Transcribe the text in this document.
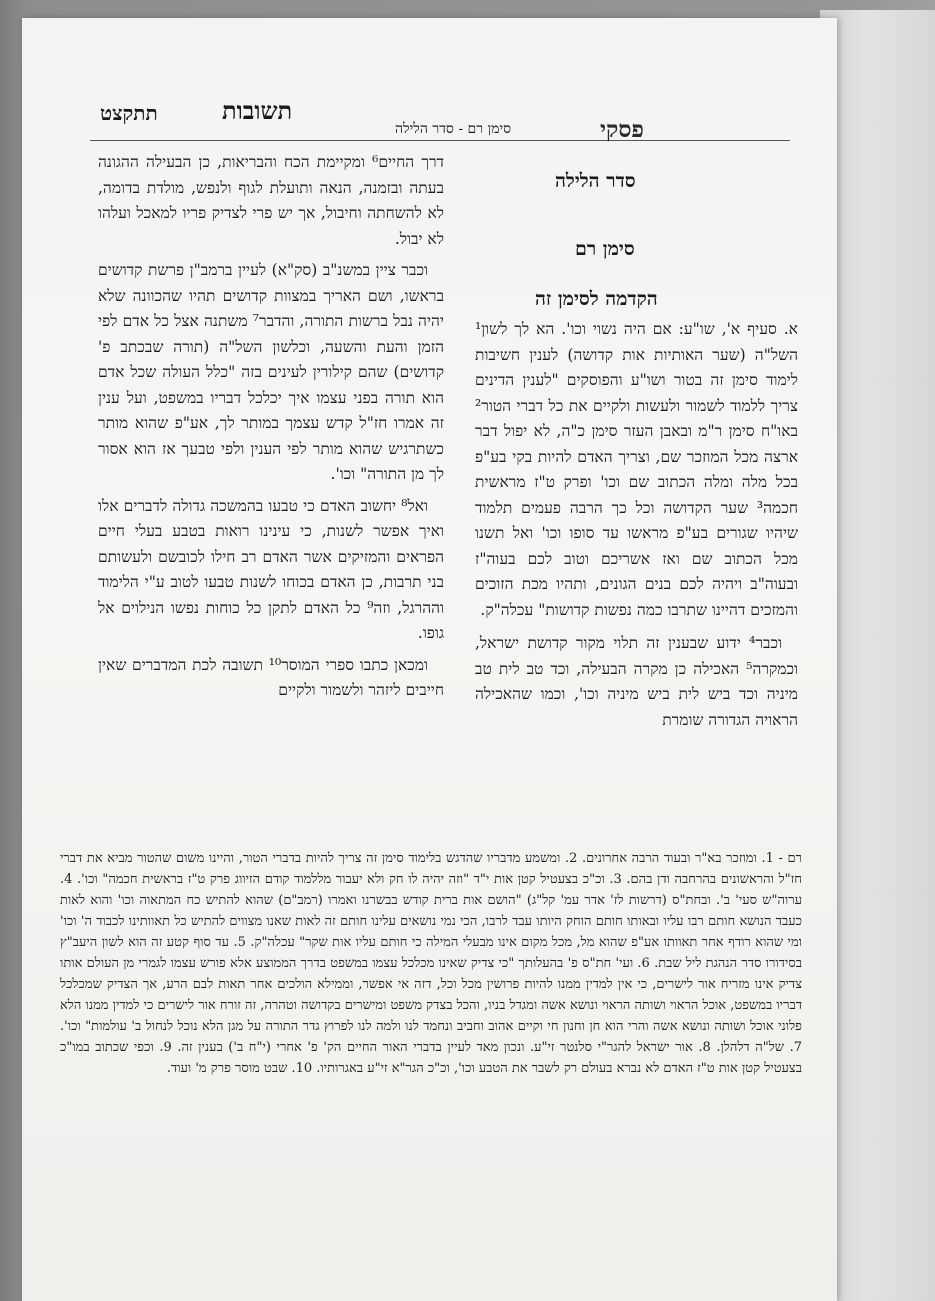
תתקצט	תשובות
סימן רם - סדר הלילה	פסקי
סדר הלילה
סימן רם
הקדמה לסימן זה

א. סעיף א', שו"ע: אם היה נשוי וכו'. הא לך לשון¹ השל"ה (שער האותיות אות קדושה) לענין חשיבות לימוד סימן זה בטור ושו"ע והפוסקים "לענין הדינים צריך ללמוד לשמור ולעשות ולקיים את כל דברי הטור² באו"ח סימן ר"מ ובאבן העזר סימן כ"ה, לא יפול דבר ארצה מכל המוזכר שם, וצריך האדם להיות בקי בע"פ בכל מלה ומלה הכתוב שם וכו' ופרק ט"ז מראשית חכמה³ שער הקדושה וכל כך הרבה פעמים תלמוד שיהיו שגורים בע"פ מראשו עד סופו וכו' ואל תשנו מכל הכתוב שם ואז אשריכם וטוב לכם בעוה"ז ובעוה"ב ויהיה לכם בנים הגונים, ותהיו מכת הזוכים והמזכים דהיינו שתרבו כמה נפשות קדושות" עכלה"ק.

וכבר⁴ ידוע שבענין זה תלוי מקור קדושת ישראל, וכמקרה⁵ האכילה כן מקרה הבעילה, וכד טב לית טב מיניה וכד ביש לית ביש מיניה וכו', וכמו שהאכילה הראויה הגדורה שומרת

דרך החיים⁶ ומקיימת הכח והבריאות, כן הבעילה ההגונה בעתה ובזמנה, הנאה ותועלת לגוף ולנפש, מולדת בדומה, לא להשחתה וחיבול, אך יש פרי לצדיק פריו למאכל ועלהו לא יבול.

וכבר ציין במשנ"ב (סק"א) לעיין ברמב"ן פרשת קדושים בראשו, ושם האריך במצוות קדושים תהיו שהכוונה שלא יהיה נבל ברשות התורה, והדבר⁷ משתנה אצל כל אדם לפי הזמן והעת והשעה, וכלשון השל"ה (תורה שבכתב פ' קדושים) שהם קילורין לעינים בזה "כלל העולה שכל אדם הוא תורה בפני עצמו איך יכלכל דבריו במשפט, ועל ענין זה אמרו חז"ל קדש עצמך במותר לך, אע"פ שהוא מותר כשתרגיש שהוא מותר לפי הענין ולפי טבעך אז הוא אסור לך מן התורה" וכו'.

ואל⁸ יחשוב האדם כי טבעו בהמשכה גדולה לדברים אלו ואיך אפשר לשנות, כי עינינו רואות בטבע בעלי חיים הפראים והמזיקים אשר האדם רב חילו לכובשם ולעשותם בני תרבות, כן האדם בכוחו לשנות טבעו לטוב ע"י הלימוד וההרגל, וזה⁹ כל האדם לתקן כל כוחות נפשו הנילוים אל גופו.

ומכאן כתבו ספרי המוסר¹⁰ תשובה לכת המדברים שאין חייבים ליזהר ולשמור ולקיים

רם - 1. ומוזכר בא"ר ובעוד הרבה אחרונים. 2. ומשמע מדבריו שהדגש בלימוד סימן זה צריך להיות בדברי הטור, והיינו משום שהטור מביא את דברי חז"ל והראשונים בהרחבה ודן בהם. 3. וכ"כ בצעטיל קטן אות י"ד "וזה יהיה לו חק ולא יעבור מללמוד קודם הזיווג פרק ט"ז בראשית חכמה" וכו'. 4. ערוה"ש סעי' ב'. ובחת"ס (דרשות לז' אדר עמ' קל"ג) "הושם אות ברית קודש בבשרנו ואמרו (רמב"ם) שהוא להתיש כח המתאוה וכו' והוא לאות כעבד הנושא חותם רבו עליו ובאותו חותם הוחק היותו עבד לרבו, הכי נמי נושאים עלינו חותם זה לאות שאנו מצווים להתיש כל תאוותינו לכבוד ה' וכו' ומי שהוא רודף אחר תאוותו אע"פ שהוא מל, מכל מקום אינו מבעלי המילה כי חותם עליו אות שקר" עכלה"ק. 5. עד סוף קטע זה הוא לשון היעב"ץ בסידורו סדר הנהגת ליל שבת. 6. ועי' חת"ס פ' בהעלותך "כי צדיק שאינו מכלכל עצמו במשפט בדרך הממוצע אלא פורש עצמו לגמרי מן העולם אותו צדיק אינו מזריח אור לישרים, כי אין למדין ממנו להיות פרושין מכל וכל, דזה אי אפשר, וממילא הולכים אחר תאות לבם הרע, אך הצדיק שמכלכל דבריו במשפט, אוכל הראוי ושותה הראוי ונושא אשה ומגדל בניו, והכל בצדק משפט ומישרים בקדושה וטהרה, זה זורח אור לישרים כי למדין ממנו הלא פלוני אוכל ושותה ונושא אשה והרי הוא חן וחנון חי וקיים אהוב וחביב ונחמד לנו ולמה לנו לפרוץ גדר התורה על מגן הלא נוכל לנחול ב' עולמות" וכו'. 7. של"ה דלהלן. 8. אור ישראל להגר"י סלנטר זי"ע. ונכון מאד לעיין בדברי האור החיים הק' פ' אחרי (י"ח ב') בענין זה. 9. וכפי שכתוב במו"כ בצעטיל קטן אות ט"ז האדם לא נברא בעולם רק לשבר את הטבע וכו', וכ"כ הגר"א זי"ע באגרותיו. 10. שבט מוסר פרק מ' ועוד.
